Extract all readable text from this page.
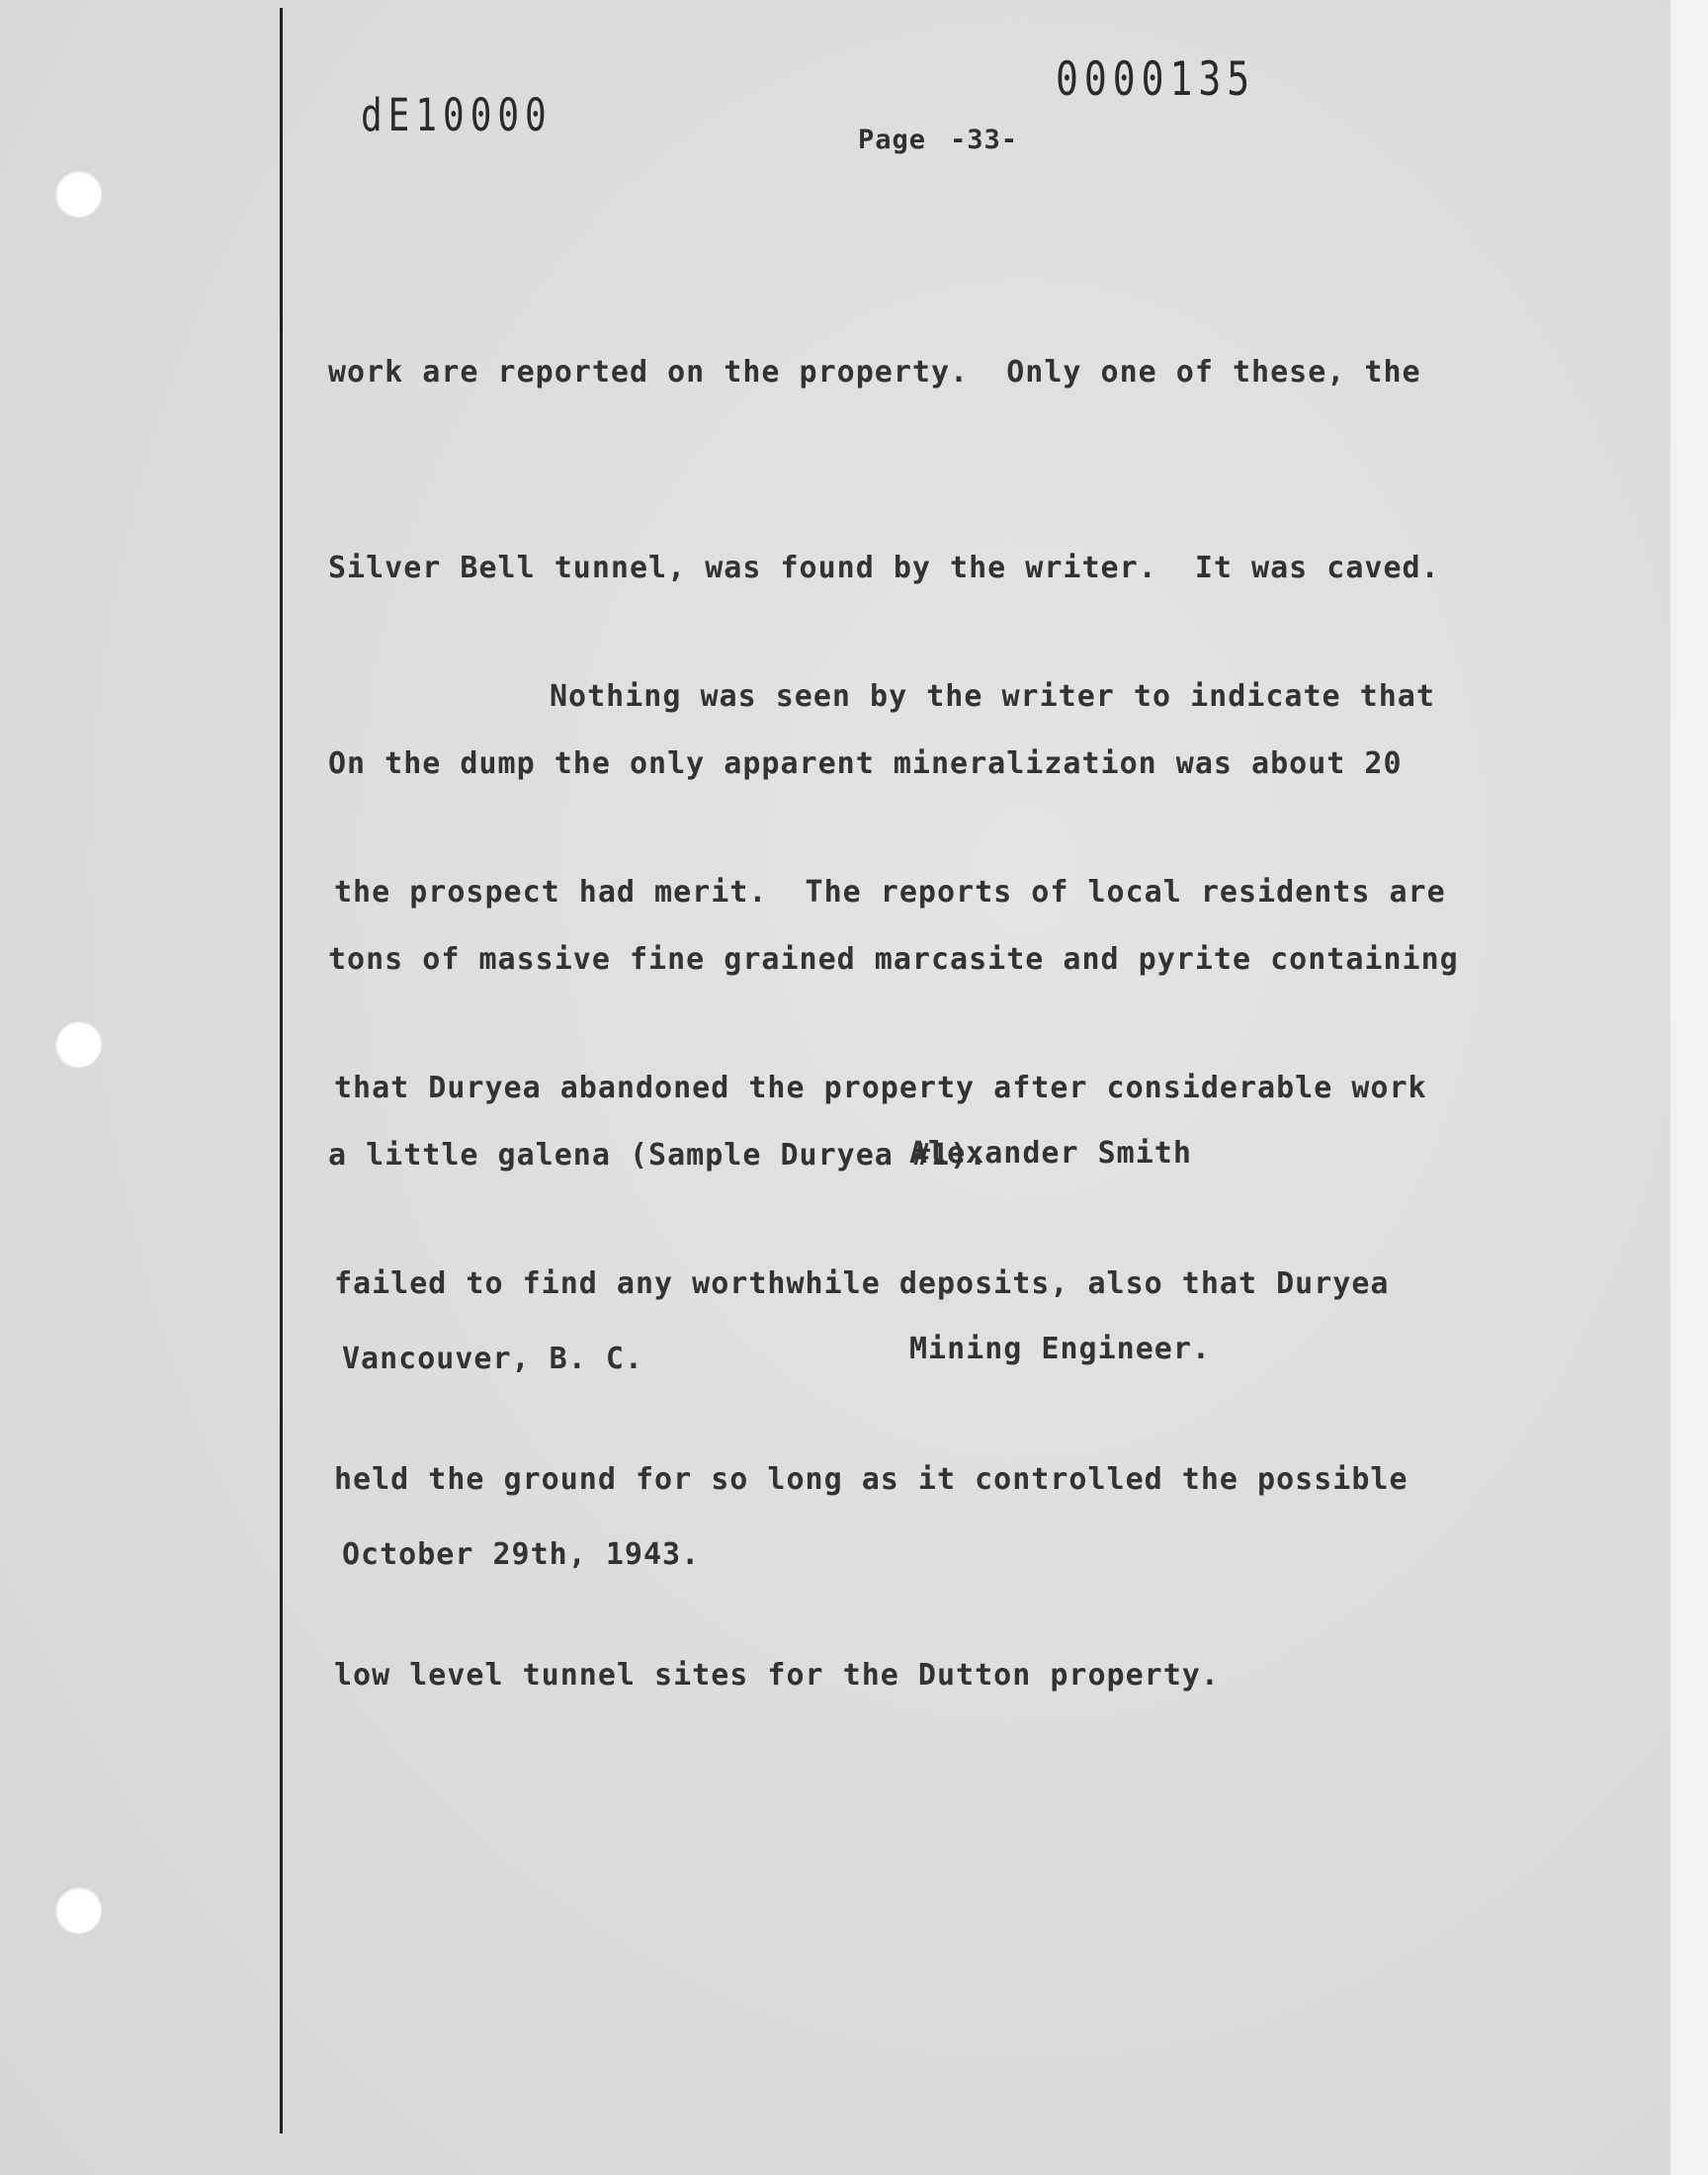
dE10000
0000135
Page -33-

work are reported on the property.  Only one of these, the

Silver Bell tunnel, was found by the writer.  It was caved.

On the dump the only apparent mineralization was about 20

tons of massive fine grained marcasite and pyrite containing

a little galena (Sample Duryea #1).

Nothing was seen by the writer to indicate that

the prospect had merit.  The reports of local residents are

that Duryea abandoned the property after considerable work

failed to find any worthwhile deposits, also that Duryea

held the ground for so long as it controlled the possible

low level tunnel sites for the Dutton property.

Alexander Smith

Mining Engineer.

Vancouver, B. C.

October 29th, 1943.
